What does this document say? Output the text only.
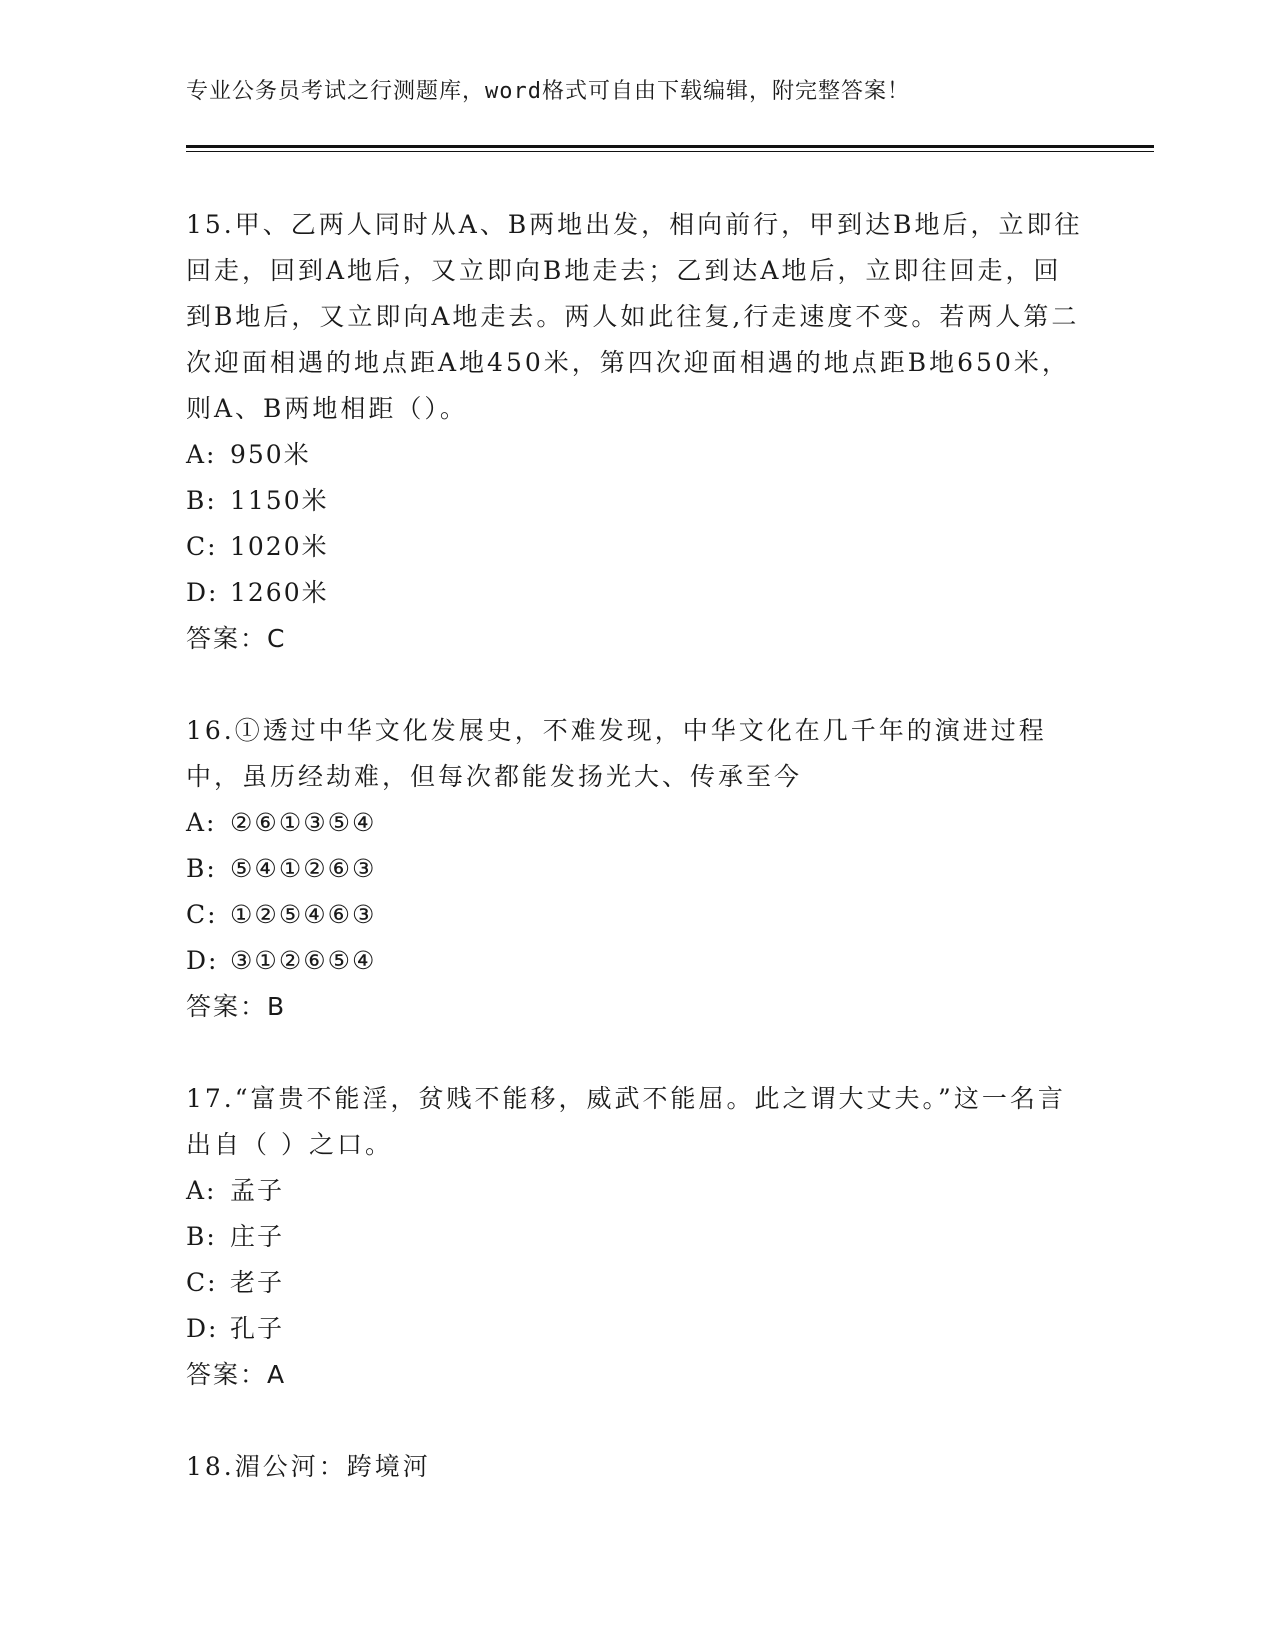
专业公务员考试之行测题库，word格式可自由下载编辑，附完整答案！

15.甲、乙两人同时从A、B两地出发，相向前行，甲到达B地后，立即往回走，回到A地后，又立即向B地走去；乙到达A地后，立即往回走，回到B地后，又立即向A地走去。两人如此往复,行走速度不变。若两人第二次迎面相遇的地点距A地450米，第四次迎面相遇的地点距B地650米，则A、B两地相距（）。

A: 950米

B: 1150米

C: 1020米

D: 1260米

答案：C

16.①透过中华文化发展史，不难发现，中华文化在几千年的演进过程中，虽历经劫难，但每次都能发扬光大、传承至今

A: ②⑥①③⑤④

B: ⑤④①②⑥③

C: ①②⑤④⑥③

D: ③①②⑥⑤④

答案：B

17.“富贵不能淫，贫贱不能移，威武不能屈。此之谓大丈夫。”这一名言出自（ ）之口。

A: 孟子

B: 庄子

C: 老子

D: 孔子

答案：A

18.湄公河：跨境河
